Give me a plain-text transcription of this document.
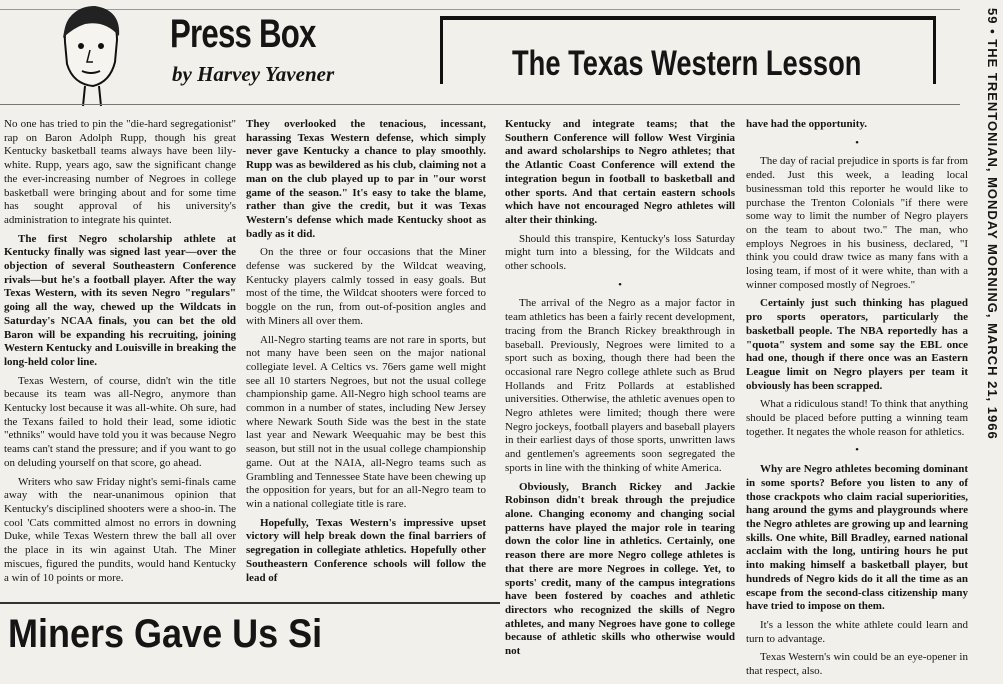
Press Box
by Harvey Yavener	The Texas Western Lesson

No one has tried to pin the "die-hard segregationist" rap on Baron Adolph Rupp, though his great Kentucky basketball teams always have been lily-white. Rupp, years ago, saw the significant change the ever-increasing number of Negroes in college basketball were bringing about and for some time has sought approval of his university's administration to integrate his quintet.

The first Negro scholarship athlete at Kentucky finally was signed last year—over the objection of several Southeastern Conference rivals—but he's a football player. After the way Texas Western, with its seven Negro "regulars" going all the way, chewed up the Wildcats in Saturday's NCAA finals, you can bet the old Baron will be expanding his recruiting, joining Western Kentucky and Louisville in breaking the long-held color line.

Texas Western, of course, didn't win the title because its team was all-Negro, anymore than Kentucky lost because it was all-white. Oh sure, had the Texans failed to hold their lead, some idiotic "ethniks" would have told you it was because Negro teams can't stand the pressure; and if you want to go on deluding yourself on that score, go ahead.

Writers who saw Friday night's semi-finals came away with the near-unanimous opinion that Kentucky's disciplined shooters were a shoo-in. The cool 'Cats committed almost no errors in downing Duke, while Texas Western threw the ball all over the place in its win against Utah. The Miner miscues, figured the pundits, would hand Kentucky a win of 10 points or more.

They overlooked the tenacious, incessant, harassing Texas Western defense, which simply never gave Kentucky a chance to play smoothly. Rupp was as bewildered as his club, claiming not a man on the club played up to par in "our worst game of the season." It's easy to take the blame, rather than give the credit, but it was Texas Western's defense which made Kentucky shoot as badly as it did.

On the three or four occasions that the Miner defense was suckered by the Wildcat weaving, Kentucky players calmly tossed in easy goals. But most of the time, the Wildcat shooters were forced to boggle on the run, from out-of-position angles and with Miners all over them.

All-Negro starting teams are not rare in sports, but not many have been seen on the major national collegiate level. A Celtics vs. 76ers game well might see all 10 starters Negroes, but not the usual college championship game. All-Negro high school teams are common in a number of states, including New Jersey where Newark South Side was the best in the state last year and Newark Weequahic may be best this season, but still not in the usual college championship game. Out at the NAIA, all-Negro teams such as Grambling and Tennessee State have been chewing up the opposition for years, but for an all-Negro team to win a national collegiate title is rare.

Hopefully, Texas Western's impressive upset victory will help break down the final barriers of segregation in collegiate athletics. Hopefully other Southeastern Conference schools will follow the lead of

Kentucky and integrate teams; that the Southern Conference will follow West Virginia and award scholarships to Negro athletes; that the Atlantic Coast Conference will extend the integration begun in football to basketball and other sports. And that certain eastern schools which have not encouraged Negro athletes will alter their thinking.

Should this transpire, Kentucky's loss Saturday might turn into a blessing, for the Wildcats and other schools.

•

The arrival of the Negro as a major factor in team athletics has been a fairly recent development, tracing from the Branch Rickey breakthrough in baseball. Previously, Negroes were limited to a sport such as boxing, though there had been the occasional rare Negro college athlete such as Brud Hollands and Fritz Pollards at established universities. Otherwise, the athletic avenues open to Negro athletes were limited; though there were Negro jockeys, football players and baseball players in their earliest days of those sports, unwritten laws and gentlemen's agreements soon segregated the sports in line with the thinking of white America.

Obviously, Branch Rickey and Jackie Robinson didn't break through the prejudice alone. Changing economy and changing social patterns have played the major role in tearing down the color line in athletics. Certainly, one reason there are more Negro college athletes is that there are more Negroes in college. Yet, to sports' credit, many of the campus integrations have been fostered by coaches and athletic directors who recognized the skills of Negro athletes, and many Negroes have gone to college because of athletic skills who otherwise would not

have had the opportunity.

•

The day of racial prejudice in sports is far from ended. Just this week, a leading local businessman told this reporter he would like to purchase the Trenton Colonials "if there were some way to limit the number of Negro players on the team to about two." The man, who employs Negroes in his business, declared, "I think you could draw twice as many fans with a losing team, if most of it were white, than with a winner composed mostly of Negroes."

Certainly just such thinking has plagued pro sports operators, particularly the basketball people. The NBA reportedly has a "quota" system and some say the EBL once had one, though if there once was an Eastern League limit on Negro players per team it obviously has been scrapped.

What a ridiculous stand! To think that anything should be placed before putting a winning team together. It negates the whole reason for athletics.

•

Why are Negro athletes becoming dominant in some sports? Before you listen to any of those crackpots who claim racial superiorities, hang around the gyms and playgrounds where the Negro athletes are growing up and learning skills. One white, Bill Bradley, earned national acclaim with the long, untiring hours he put into making himself a basketball player, but hundreds of Negro kids do it all the time as an escape from the second-class citizenship many have tried to impose on them.

It's a lesson the white athlete could learn and turn to advantage.

Texas Western's win could be an eye-opener in that respect, also.

Miners Gave Us Si
59 • THE TRENTONIAN, MONDAY MORNING, MARCH 21, 1966
